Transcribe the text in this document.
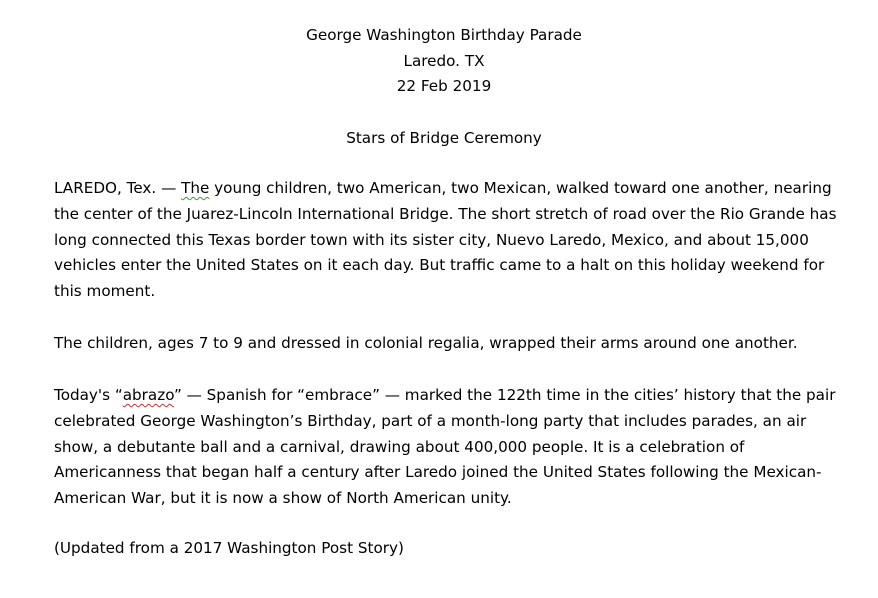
George Washington Birthday Parade
Laredo. TX
22 Feb 2019
Stars of Bridge Ceremony

LAREDO, Tex. — The young children, two American, two Mexican, walked toward one another, nearing the center of the Juarez-Lincoln International Bridge. The short stretch of road over the Rio Grande has long connected this Texas border town with its sister city, Nuevo Laredo, Mexico, and about 15,000 vehicles enter the United States on it each day. But traffic came to a halt on this holiday weekend for this moment.

The children, ages 7 to 9 and dressed in colonial regalia, wrapped their arms around one another.

Today's “abrazo” — Spanish for “embrace” — marked the 122th time in the cities’ history that the pair celebrated George Washington’s Birthday, part of a month-long party that includes parades, an air show, a debutante ball and a carnival, drawing about 400,000 people. It is a celebration of Americanness that began half a century after Laredo joined the United States following the Mexican-American War, but it is now a show of North American unity.

(Updated from a 2017 Washington Post Story)
